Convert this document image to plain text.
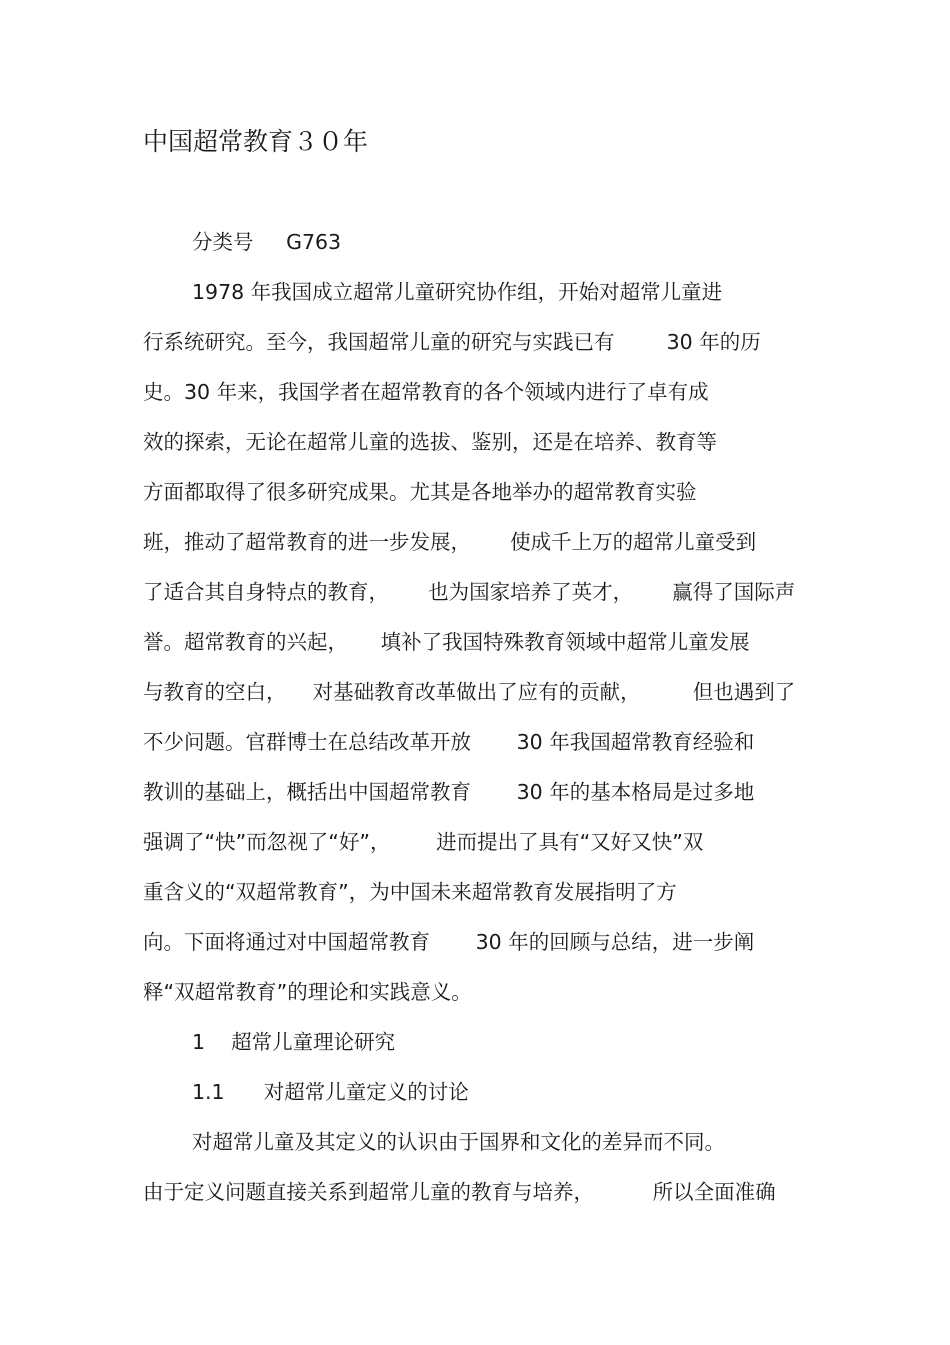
中国超常教育３０年
分类号     G763
1978 年我国成立超常儿童研究协作组，开始对超常儿童进
行系统研究。至今，我国超常儿童的研究与实践已有        30 年的历
史。30 年来，我国学者在超常教育的各个领域内进行了卓有成
效的探索，无论在超常儿童的选拔、鉴别，还是在培养、教育等
方面都取得了很多研究成果。尤其是各地举办的超常教育实验
班，推动了超常教育的进一步发展，      使成千上万的超常儿童受到
了适合其自身特点的教育，      也为国家培养了英才，      赢得了国际声
誉。超常教育的兴起，     填补了我国特殊教育领域中超常儿童发展
与教育的空白，    对基础教育改革做出了应有的贡献，        但也遇到了
不少问题。官群博士在总结改革开放       30 年我国超常教育经验和
教训的基础上，概括出中国超常教育       30 年的基本格局是过多地
强调了“快”而忽视了“好”，       进而提出了具有“又好又快”双
重含义的“双超常教育”，为中国未来超常教育发展指明了方
向。下面将通过对中国超常教育       30 年的回顾与总结，进一步阐
释“双超常教育”的理论和实践意义。
1    超常儿童理论研究
1.1      对超常儿童定义的讨论
对超常儿童及其定义的认识由于国界和文化的差异而不同。
由于定义问题直接关系到超常儿童的教育与培养，         所以全面准确
